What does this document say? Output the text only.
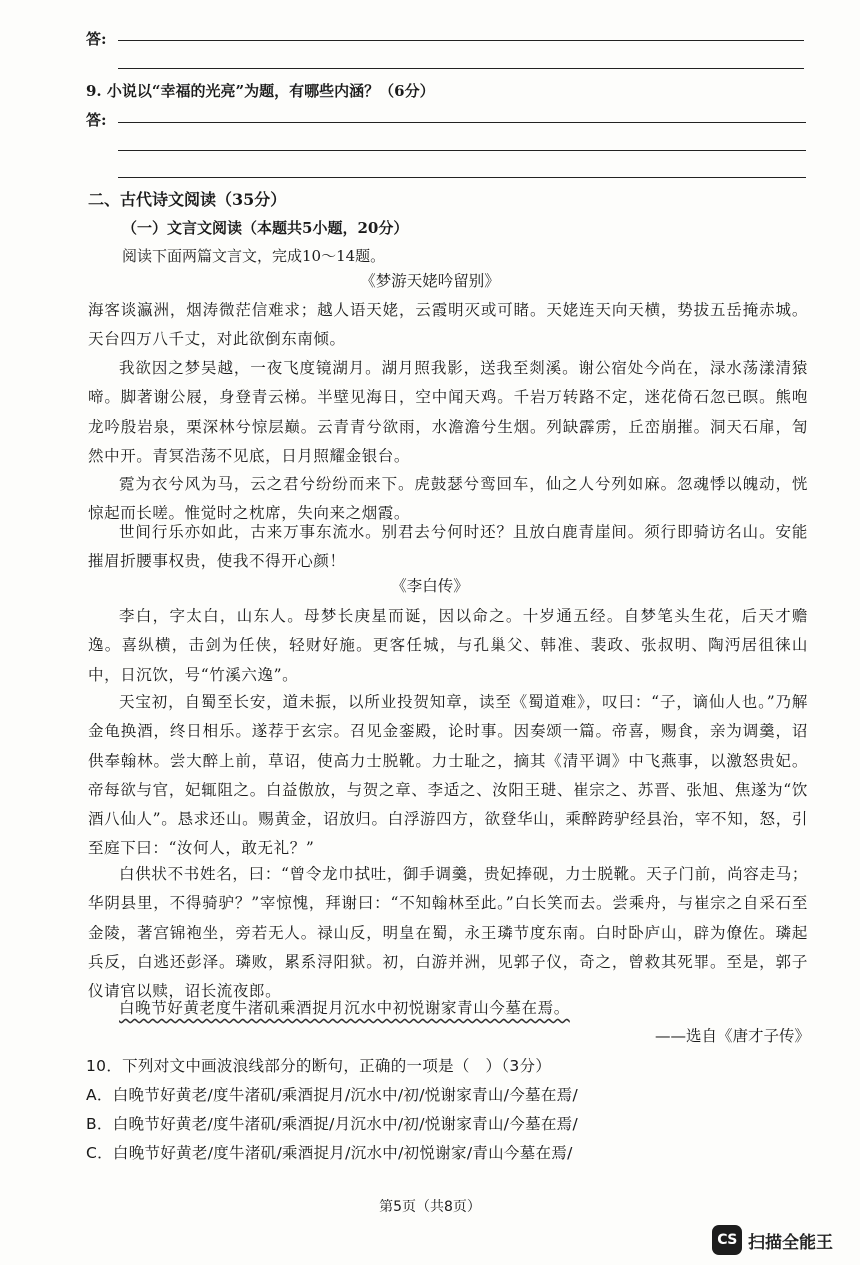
答:
9. 小说以“幸福的光亮”为题，有哪些内涵？（6分）
答:
二、古代诗文阅读（35分）
（一）文言文阅读（本题共5小题，20分）
阅读下面两篇文言文，完成10～14题。
《梦游天姥吟留别》
海客谈瀛洲，烟涛微茫信难求；越人语天姥，云霞明灭或可睹。天姥连天向天横，势拔五岳掩赤城。天台四万八千丈，对此欲倒东南倾。
我欲因之梦吴越，一夜飞度镜湖月。湖月照我影，送我至剡溪。谢公宿处今尚在，渌水荡漾清猿啼。脚著谢公屐，身登青云梯。半壁见海日，空中闻天鸡。千岩万转路不定，迷花倚石忽已暝。熊咆龙吟殷岩泉，栗深林兮惊层巅。云青青兮欲雨，水澹澹兮生烟。列缺霹雳，丘峦崩摧。洞天石扉，訇然中开。青冥浩荡不见底，日月照耀金银台。
霓为衣兮风为马，云之君兮纷纷而来下。虎鼓瑟兮鸾回车，仙之人兮列如麻。忽魂悸以魄动，恍惊起而长嗟。惟觉时之枕席，失向来之烟霞。
世间行乐亦如此，古来万事东流水。别君去兮何时还？且放白鹿青崖间。须行即骑访名山。安能摧眉折腰事权贵，使我不得开心颜！
《李白传》
李白，字太白，山东人。母梦长庚星而诞，因以命之。十岁通五经。自梦笔头生花，后天才赡逸。喜纵横，击剑为任侠，轻财好施。更客任城，与孔巢父、韩准、裴政、张叔明、陶沔居徂徕山中，日沉饮，号“竹溪六逸”。
天宝初，自蜀至长安，道未振，以所业投贺知章，读至《蜀道难》，叹曰：“子，谪仙人也。”乃解金龟换酒，终日相乐。遂荐于玄宗。召见金銮殿，论时事。因奏颂一篇。帝喜，赐食，亲为调羹，诏供奉翰林。尝大醉上前，草诏，使高力士脱靴。力士耻之，摘其《清平调》中飞燕事，以激怒贵妃。帝每欲与官，妃辄阻之。白益傲放，与贺之章、李适之、汝阳王琎、崔宗之、苏晋、张旭、焦遂为“饮酒八仙人”。恳求还山。赐黄金，诏放归。白浮游四方，欲登华山，乘醉跨驴经县治，宰不知，怒，引至庭下曰：“汝何人，敢无礼？”
白供状不书姓名，曰：“曾令龙巾拭吐，御手调羹，贵妃捧砚，力士脱靴。天子门前，尚容走马；华阴县里，不得骑驴？”宰惊愧，拜谢曰：“不知翰林至此。”白长笑而去。尝乘舟，与崔宗之自采石至金陵，著宫锦袍坐，旁若无人。禄山反，明皇在蜀，永王璘节度东南。白时卧庐山，辟为僚佐。璘起兵反，白逃还彭泽。璘败，累系浔阳狱。初，白游并洲，见郭子仪，奇之，曾救其死罪。至是，郭子仪请官以赎，诏长流夜郎。
白晚节好黄老度牛渚矶乘酒捉月沉水中初悦谢家青山今墓在焉。
——选自《唐才子传》
10．下列对文中画波浪线部分的断句，正确的一项是（　）（3分）
A．白晚节好黄老/度牛渚矶/乘酒捉月/沉水中/初/悦谢家青山/今墓在焉/
B．白晚节好黄老/度牛渚矶/乘酒捉/月沉水中/初/悦谢家青山/今墓在焉/
C．白晚节好黄老/度牛渚矶/乘酒捉月/沉水中/初悦谢家/青山今墓在焉/
第5页（共8页）
CS 扫描全能王
